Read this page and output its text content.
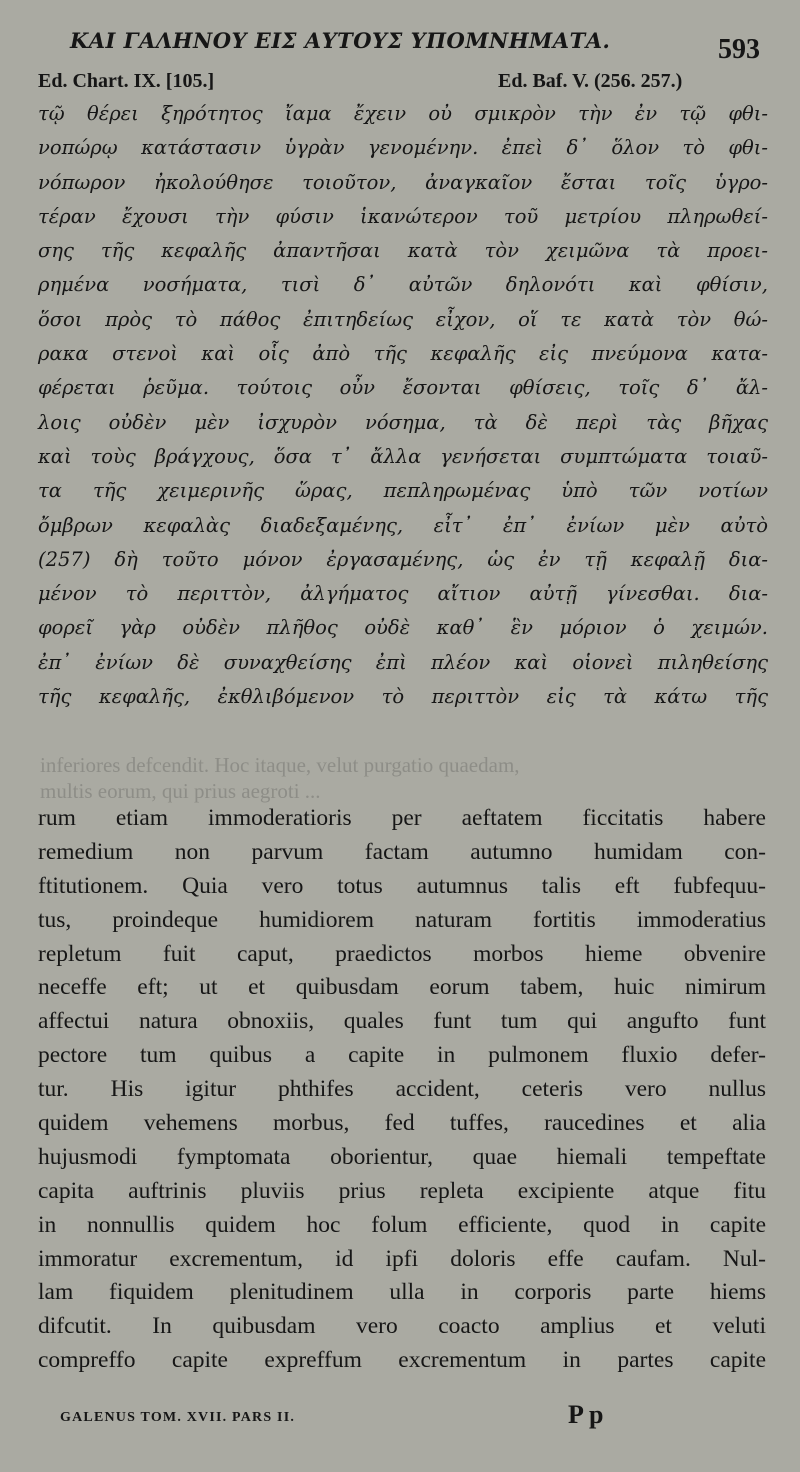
ΚΑΙ ΓΑΛΗΝΟΥ ΕΙΣ ΑΥΤΟΥΣ ΥΠΟΜΝΗΜΑΤΑ.	593
Ed. Chart. IX. [105.]	Ed. Baf. V. (256. 257.)
τῷ θέρει ξηρότητος ἴαμα ἔχειν οὐ σμικρὸν τὴν ἐν τῷ φθι-
νοπώρῳ κατάστασιν ὑγρὰν γενομένην. ἐπεὶ δ᾽ ὅλον τὸ φθι-
νόπωρον ἠκολούθησε τοιοῦτον, ἀναγκαῖον ἔσται τοῖς ὑγρο-
τέραν ἔχουσι τὴν φύσιν ἱκανώτερον τοῦ μετρίου πληρωθεί-
σης τῆς κεφαλῆς ἀπαντῆσαι κατὰ τὸν χειμῶνα τὰ προει-
ρημένα νοσήματα, τισὶ δ᾽ αὐτῶν δηλονότι καὶ φθίσιν,
ὅσοι πρὸς τὸ πάθος ἐπιτηδείως εἶχον, οἵ τε κατὰ τὸν θώ-
ρακα στενοὶ καὶ οἷς ἀπὸ τῆς κεφαλῆς εἰς πνεύμονα κατα-
φέρεται ῥεῦμα. τούτοις οὖν ἔσονται φθίσεις, τοῖς δ᾽ ἄλ-
λοις οὐδὲν μὲν ἰσχυρὸν νόσημα, τὰ δὲ περὶ τὰς βῆχας
καὶ τοὺς βράγχους, ὅσα τ᾽ ἄλλα γενήσεται συμπτώματα τοιαῦ-
τα τῆς χειμερινῆς ὥρας, πεπληρωμένας ὑπὸ τῶν νοτίων
ὄμβρων κεφαλὰς διαδεξαμένης, εἶτ᾽ ἐπ᾽ ἐνίων μὲν αὐτὸ
(257) δὴ τοῦτο μόνον ἐργασαμένης, ὡς ἐν τῇ κεφαλῇ δια-
μένον τὸ περιττὸν, ἀλγήματος αἴτιον αὐτῇ γίνεσθαι. δια-
φορεῖ γὰρ οὐδὲν πλῆθος οὐδὲ καθ᾽ ἓν μόριον ὁ χειμών.
ἐπ᾽ ἐνίων δὲ συναχθείσης ἐπὶ πλέον καὶ οἱονεὶ πιληθείσης
τῆς κεφαλῆς, ἐκθλιβόμενον τὸ περιττὸν εἰς τὰ κάτω τῆς
inferiores defcendit. Hoc itaque, velut purgatio quaedam,
multis eorum, qui prius aegroti ...
rum etiam immoderatioris per aeftatem ficcitatis habere
remedium non parvum factam autumno humidam con-
ftitutionem. Quia vero totus autumnus talis eft fubfequu-
tus, proindeque humidiorem naturam fortitis immoderatius
repletum fuit caput, praedictos morbos hieme obvenire
neceffe eft; ut et quibusdam eorum tabem, huic nimirum
affectui natura obnoxiis, quales funt tum qui angufto funt
pectore tum quibus a capite in pulmonem fluxio defer-
tur. His igitur phthifes accident, ceteris vero nullus
quidem vehemens morbus, fed tuffes, raucedines et alia
hujusmodi fymptomata oborientur, quae hiemali tempeftate
capita auftrinis pluviis prius repleta excipiente atque fitu
in nonnullis quidem hoc folum efficiente, quod in capite
immoratur excrementum, id ipfi doloris effe caufam. Nul-
lam fiquidem plenitudinem ulla in corporis parte hiems
difcutit. In quibusdam vero coacto amplius et veluti
compreffo capite expreffum excrementum in partes capite
GALENUS TOM. XVII. PARS II.	P p
